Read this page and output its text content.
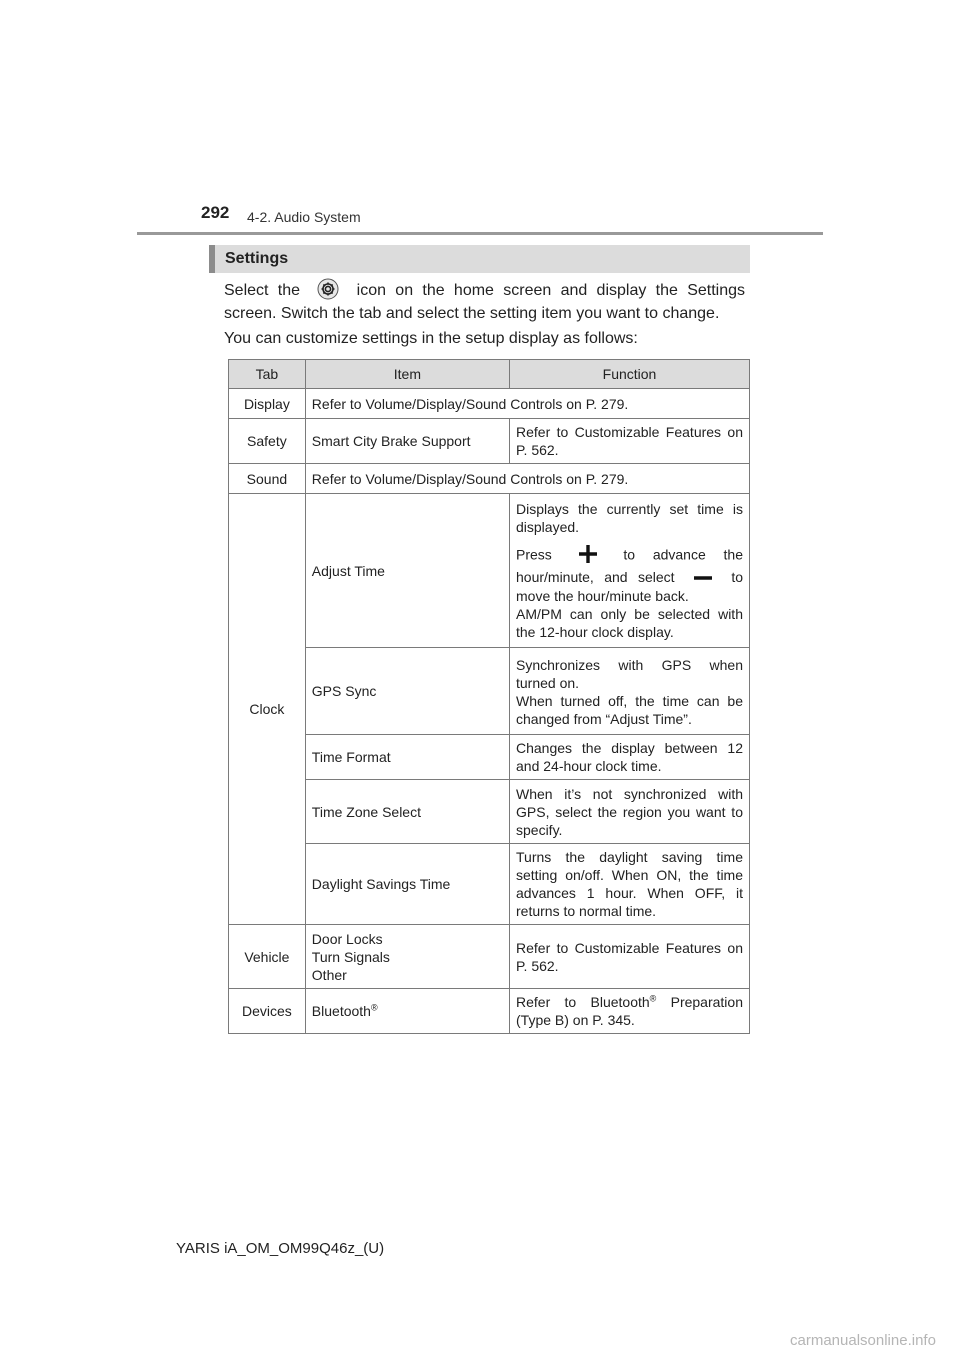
292 4-2. Audio System
Settings
Select the	icon on the home screen and display the Settings screen. Switch the tab and select the setting item you want to change.
You can customize settings in the setup display as follows:
Tab	Item	Function
Display	Refer to Volume/Display/Sound Controls on P. 279.	
Safety	Smart City Brake Support	Refer to Customizable Features on P. 562.
Sound	Refer to Volume/Display/Sound Controls on P. 279.	
Clock	Adjust Time	Displays the currently set time is displayed.

Press to advance the hour/minute, and select to move the hour/minute back.

AM/PM can only be selected with the 12-hour clock display.

	GPS Sync	Synchronizes with GPS when turned on.

When turned off, the time can be changed from “Adjust Time”.

	Time Format	Changes the display between 12 and 24-hour clock time.
	Time Zone Select	When it’s not synchronized with GPS, select the region you want to specify.
	Daylight Savings Time	Turns the daylight saving time setting on/off. When ON, the time advances 1 hour. When OFF, it returns to normal time.
Vehicle	Door Locks
Turn Signals
Other	Refer to Customizable Features on P. 562.
Devices	Bluetooth®	Refer to Bluetooth® Preparation (Type B) on P. 345.
YARIS iA_OM_OM99Q46z_(U)
carmanualsonline.info
